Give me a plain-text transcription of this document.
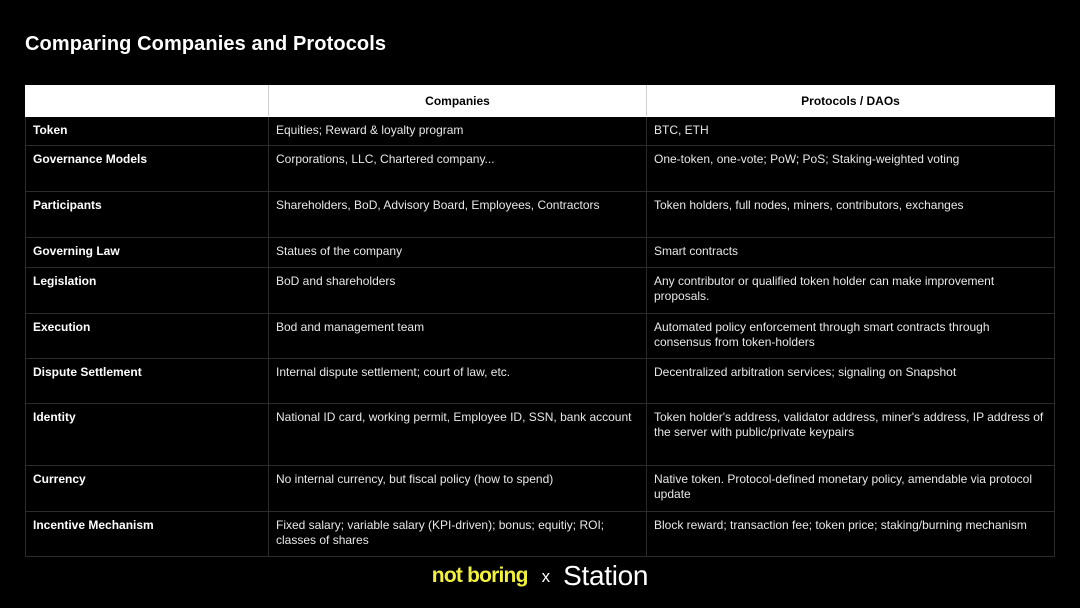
Comparing Companies and Protocols
	Companies	Protocols / DAOs
Token	Equities; Reward & loyalty program	BTC, ETH
Governance Models	Corporations, LLC, Chartered company...	One-token, one-vote; PoW; PoS; Staking-weighted voting
Participants	Shareholders, BoD, Advisory Board, Employees, Contractors	Token holders, full nodes, miners, contributors, exchanges
Governing Law	Statues of the company	Smart contracts
Legislation	BoD and shareholders	Any contributor or qualified token holder can make improvement proposals.
Execution	Bod and management team	Automated policy enforcement through smart contracts through consensus from token-holders
Dispute Settlement	Internal dispute settlement; court of law, etc.	Decentralized arbitration services; signaling on Snapshot
Identity	National ID card, working permit, Employee ID, SSN, bank account	Token holder's address, validator address, miner's address, IP address of the server with public/private keypairs
Currency	No internal currency, but fiscal policy (how to spend)	Native token. Protocol-defined monetary policy, amendable via protocol update
Incentive Mechanism	Fixed salary; variable salary (KPI-driven); bonus; equitiy; ROI; classes of shares	Block reward; transaction fee; token price; staking/burning mechanism
not boring x Station
